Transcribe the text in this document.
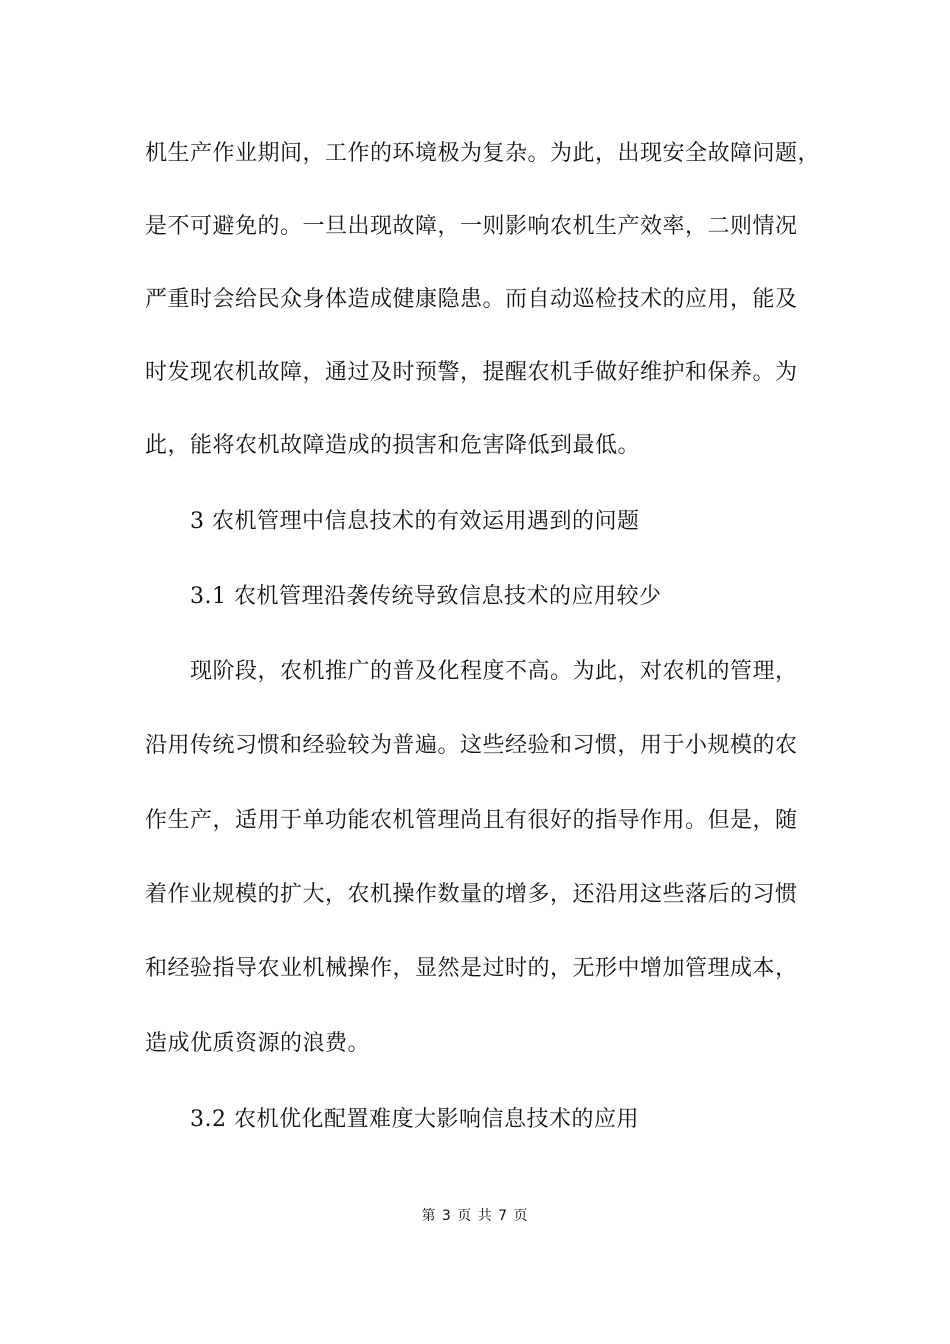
机生产作业期间，工作的环境极为复杂。为此，出现安全故障问题，
是不可避免的。一旦出现故障，一则影响农机生产效率，二则情况
严重时会给民众身体造成健康隐患。而自动巡检技术的应用，能及
时发现农机故障，通过及时预警，提醒农机手做好维护和保养。为
此，能将农机故障造成的损害和危害降低到最低。
3 农机管理中信息技术的有效运用遇到的问题
3.1 农机管理沿袭传统导致信息技术的应用较少
现阶段，农机推广的普及化程度不高。为此，对农机的管理，
沿用传统习惯和经验较为普遍。这些经验和习惯，用于小规模的农
作生产，适用于单功能农机管理尚且有很好的指导作用。但是，随
着作业规模的扩大，农机操作数量的增多，还沿用这些落后的习惯
和经验指导农业机械操作，显然是过时的，无形中增加管理成本，
造成优质资源的浪费。
3.2 农机优化配置难度大影响信息技术的应用
第 3 页 共 7 页
